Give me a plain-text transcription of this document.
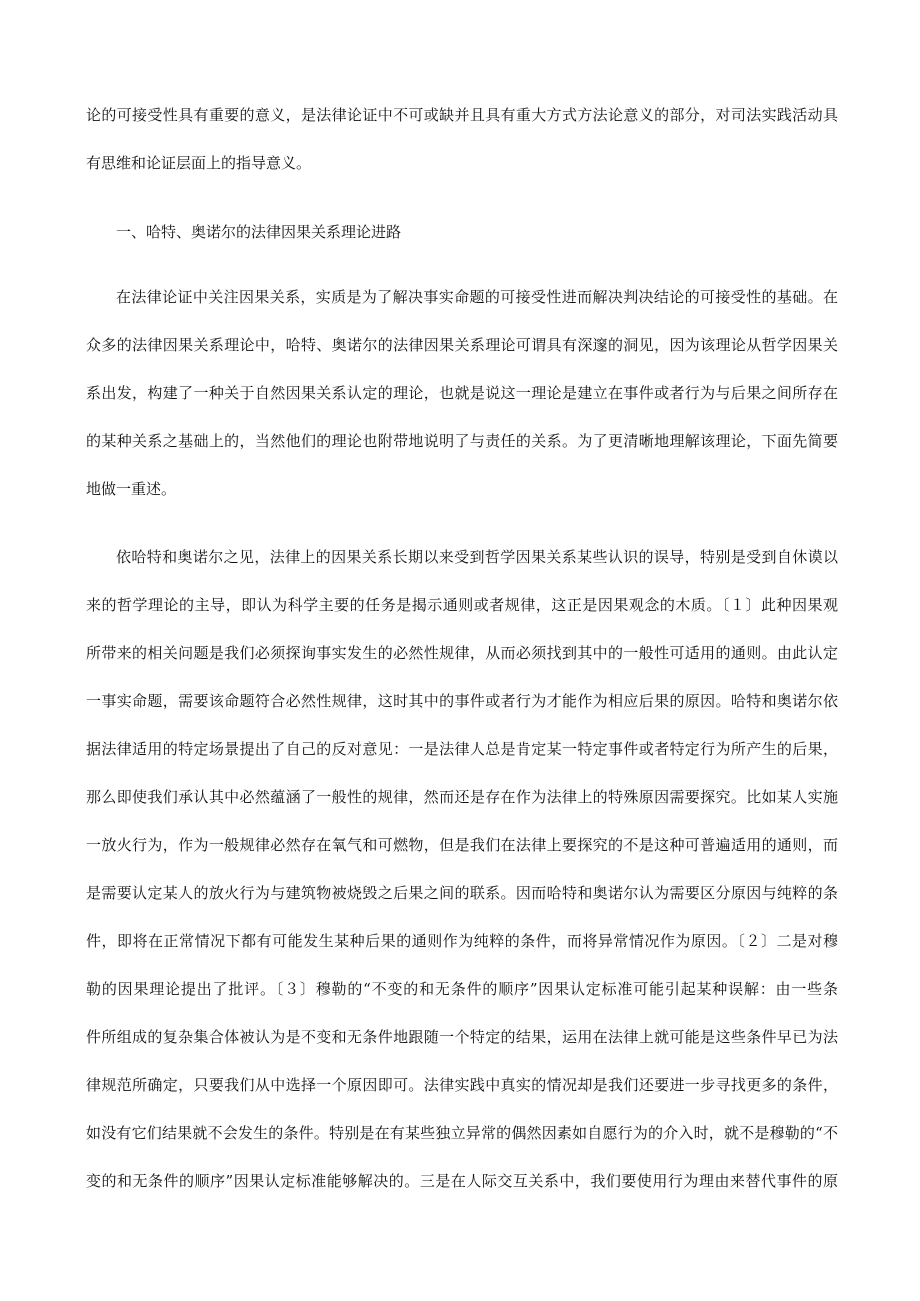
论的可接受性具有重要的意义，是法律论证中不可或缺并且具有重大方式方法论意义的部分，对司法实践活动具
有思维和论证层面上的指导意义。
一、哈特、奥诺尔的法律因果关系理论进路
在法律论证中关注因果关系，实质是为了解决事实命题的可接受性进而解决判决结论的可接受性的基础。在
众多的法律因果关系理论中，哈特、奥诺尔的法律因果关系理论可谓具有深邃的洞见，因为该理论从哲学因果关
系出发，构建了一种关于自然因果关系认定的理论，也就是说这一理论是建立在事件或者行为与后果之间所存在
的某种关系之基础上的，当然他们的理论也附带地说明了与责任的关系。为了更清晰地理解该理论，下面先简要
地做一重述。
依哈特和奥诺尔之见，法律上的因果关系长期以来受到哲学因果关系某些认识的误导，特别是受到自休谟以
来的哲学理论的主导，即认为科学主要的任务是揭示通则或者规律，这正是因果观念的木质。〔１〕此种因果观
所带来的相关问题是我们必须探询事实发生的必然性规律，从而必须找到其中的一般性可适用的通则。由此认定
一事实命题，需要该命题符合必然性规律，这时其中的事件或者行为才能作为相应后果的原因。哈特和奥诺尔依
据法律适用的特定场景提出了自己的反对意见：一是法律人总是肯定某一特定事件或者特定行为所产生的后果，
那么即使我们承认其中必然蕴涵了一般性的规律，然而还是存在作为法律上的特殊原因需要探究。比如某人实施
一放火行为，作为一般规律必然存在氧气和可燃物，但是我们在法律上要探究的不是这种可普遍适用的通则，而
是需要认定某人的放火行为与建筑物被烧毁之后果之间的联系。因而哈特和奥诺尔认为需要区分原因与纯粹的条
件，即将在正常情况下都有可能发生某种后果的通则作为纯粹的条件，而将异常情况作为原因。〔２〕二是对穆
勒的因果理论提出了批评。〔３〕穆勒的“不变的和无条件的顺序”因果认定标准可能引起某种误解：由一些条
件所组成的复杂集合体被认为是不变和无条件地跟随一个特定的结果，运用在法律上就可能是这些条件早已为法
律规范所确定，只要我们从中选择一个原因即可。法律实践中真实的情况却是我们还要进一步寻找更多的条件，
如没有它们结果就不会发生的条件。特别是在有某些独立异常的偶然因素如自愿行为的介入时，就不是穆勒的“不
变的和无条件的顺序”因果认定标准能够解决的。三是在人际交互关系中，我们要使用行为理由来替代事件的原
